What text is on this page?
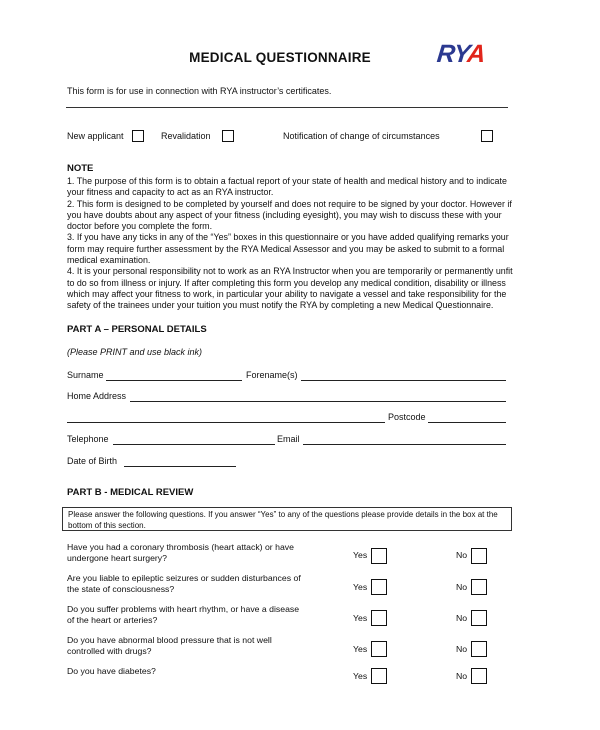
MEDICAL QUESTIONNAIRE	RYA
This form is for use in connection with RYA instructor’s certificates.
New applicant	Revalidation	Notification of change of circumstances
NOTE

1. The purpose of this form is to obtain a factual report of your state of health and medical history and to indicate your fitness and capacity to act as an RYA instructor.

2. This form is designed to be completed by yourself and does not require to be signed by your doctor. However if you have doubts about any aspect of your fitness (including eyesight), you may wish to discuss these with your doctor before you complete the form.

3. If you have any ticks in any of the “Yes” boxes in this questionnaire or you have added qualifying remarks your form may require further assessment by the RYA Medical Assessor and you may be asked to submit to a formal medical examination.

4. It is your personal responsibility not to work as an RYA Instructor when you are temporarily or permanently unfit to do so from illness or injury. If after completing this form you develop any medical condition, disability or illness which may affect your fitness to work, in particular your ability to navigate a vessel and take responsibility for the safety of the trainees under your tuition you must notify the RYA by completing a new Medical Questionnaire.

PART A – PERSONAL DETAILS
(Please PRINT and use black ink)
Surname	Forename(s)
Home Address
Postcode
Telephone	Email
Date of Birth
PART B - MEDICAL REVIEW
Please answer the following questions. If you answer “Yes” to any of the questions please provide details in the box at the bottom of this section.
Have you had a coronary thrombosis (heart attack) or have undergone heart surgery?	Yes	No
Are you liable to epileptic seizures or sudden disturbances of the state of consciousness?	Yes	No
Do you suffer problems with heart rhythm, or have a disease of the heart or arteries?	Yes	No
Do you have abnormal blood pressure that is not well controlled with drugs?	Yes	No
Do you have diabetes?	Yes	No
